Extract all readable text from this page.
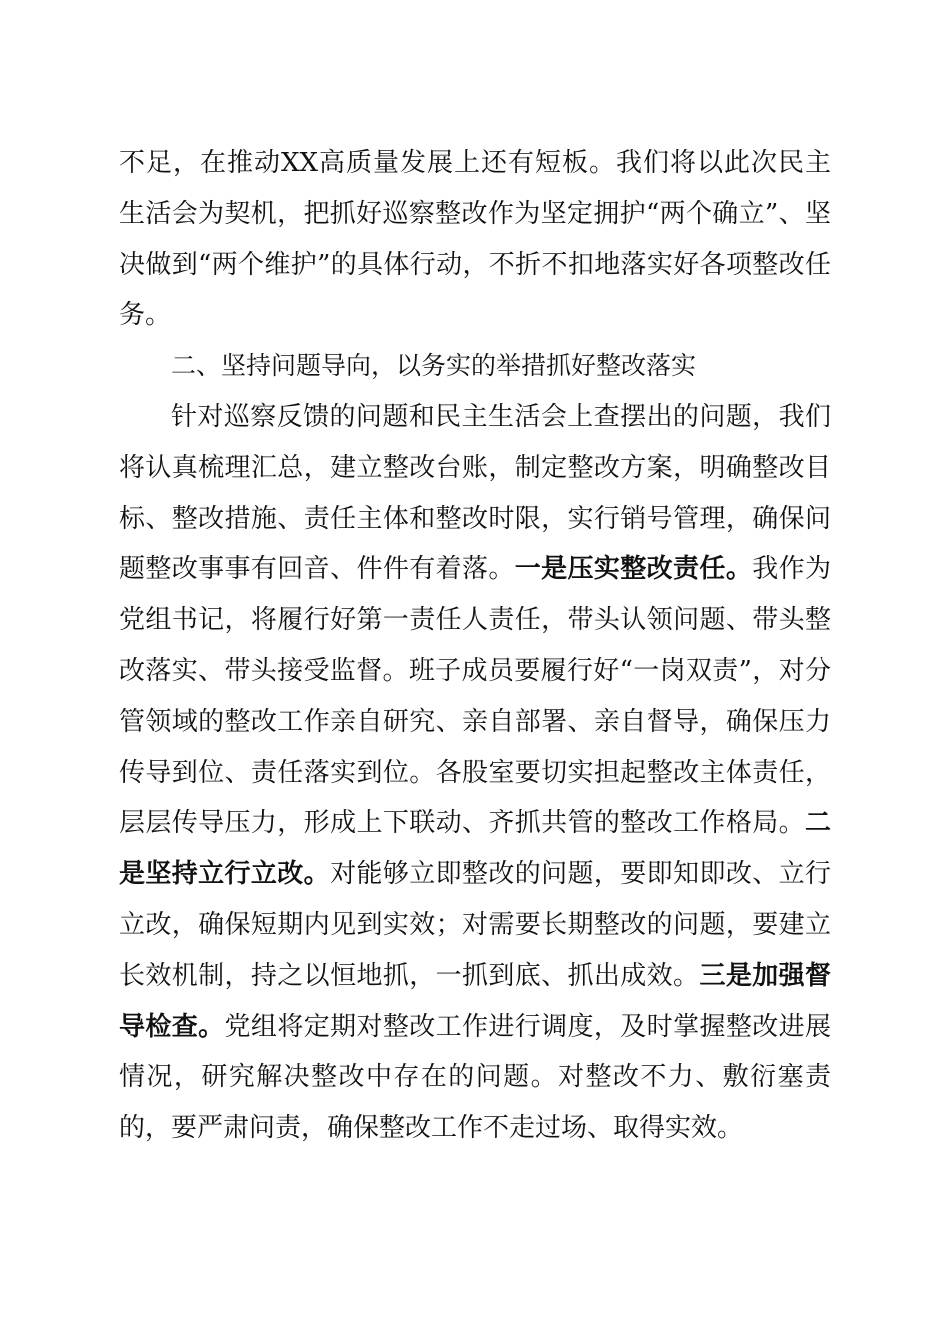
不足，在推动XX高质量发展上还有短板。我们将以此次民主生活会为契机，把抓好巡察整改作为坚定拥护“两个确立”、坚决做到“两个维护”的具体行动，不折不扣地落实好各项整改任务。

二、坚持问题导向，以务实的举措抓好整改落实

针对巡察反馈的问题和民主生活会上查摆出的问题，我们将认真梳理汇总，建立整改台账，制定整改方案，明确整改目标、整改措施、责任主体和整改时限，实行销号管理，确保问题整改事事有回音、件件有着落。一是压实整改责任。我作为党组书记，将履行好第一责任人责任，带头认领问题、带头整改落实、带头接受监督。班子成员要履行好“一岗双责”，对分管领域的整改工作亲自研究、亲自部署、亲自督导，确保压力传导到位、责任落实到位。各股室要切实担起整改主体责任，层层传导压力，形成上下联动、齐抓共管的整改工作格局。二是坚持立行立改。对能够立即整改的问题，要即知即改、立行立改，确保短期内见到实效；对需要长期整改的问题，要建立长效机制，持之以恒地抓，一抓到底、抓出成效。三是加强督导检查。党组将定期对整改工作进行调度，及时掌握整改进展情况，研究解决整改中存在的问题。对整改不力、敷衍塞责的，要严肃问责，确保整改工作不走过场、取得实效。
